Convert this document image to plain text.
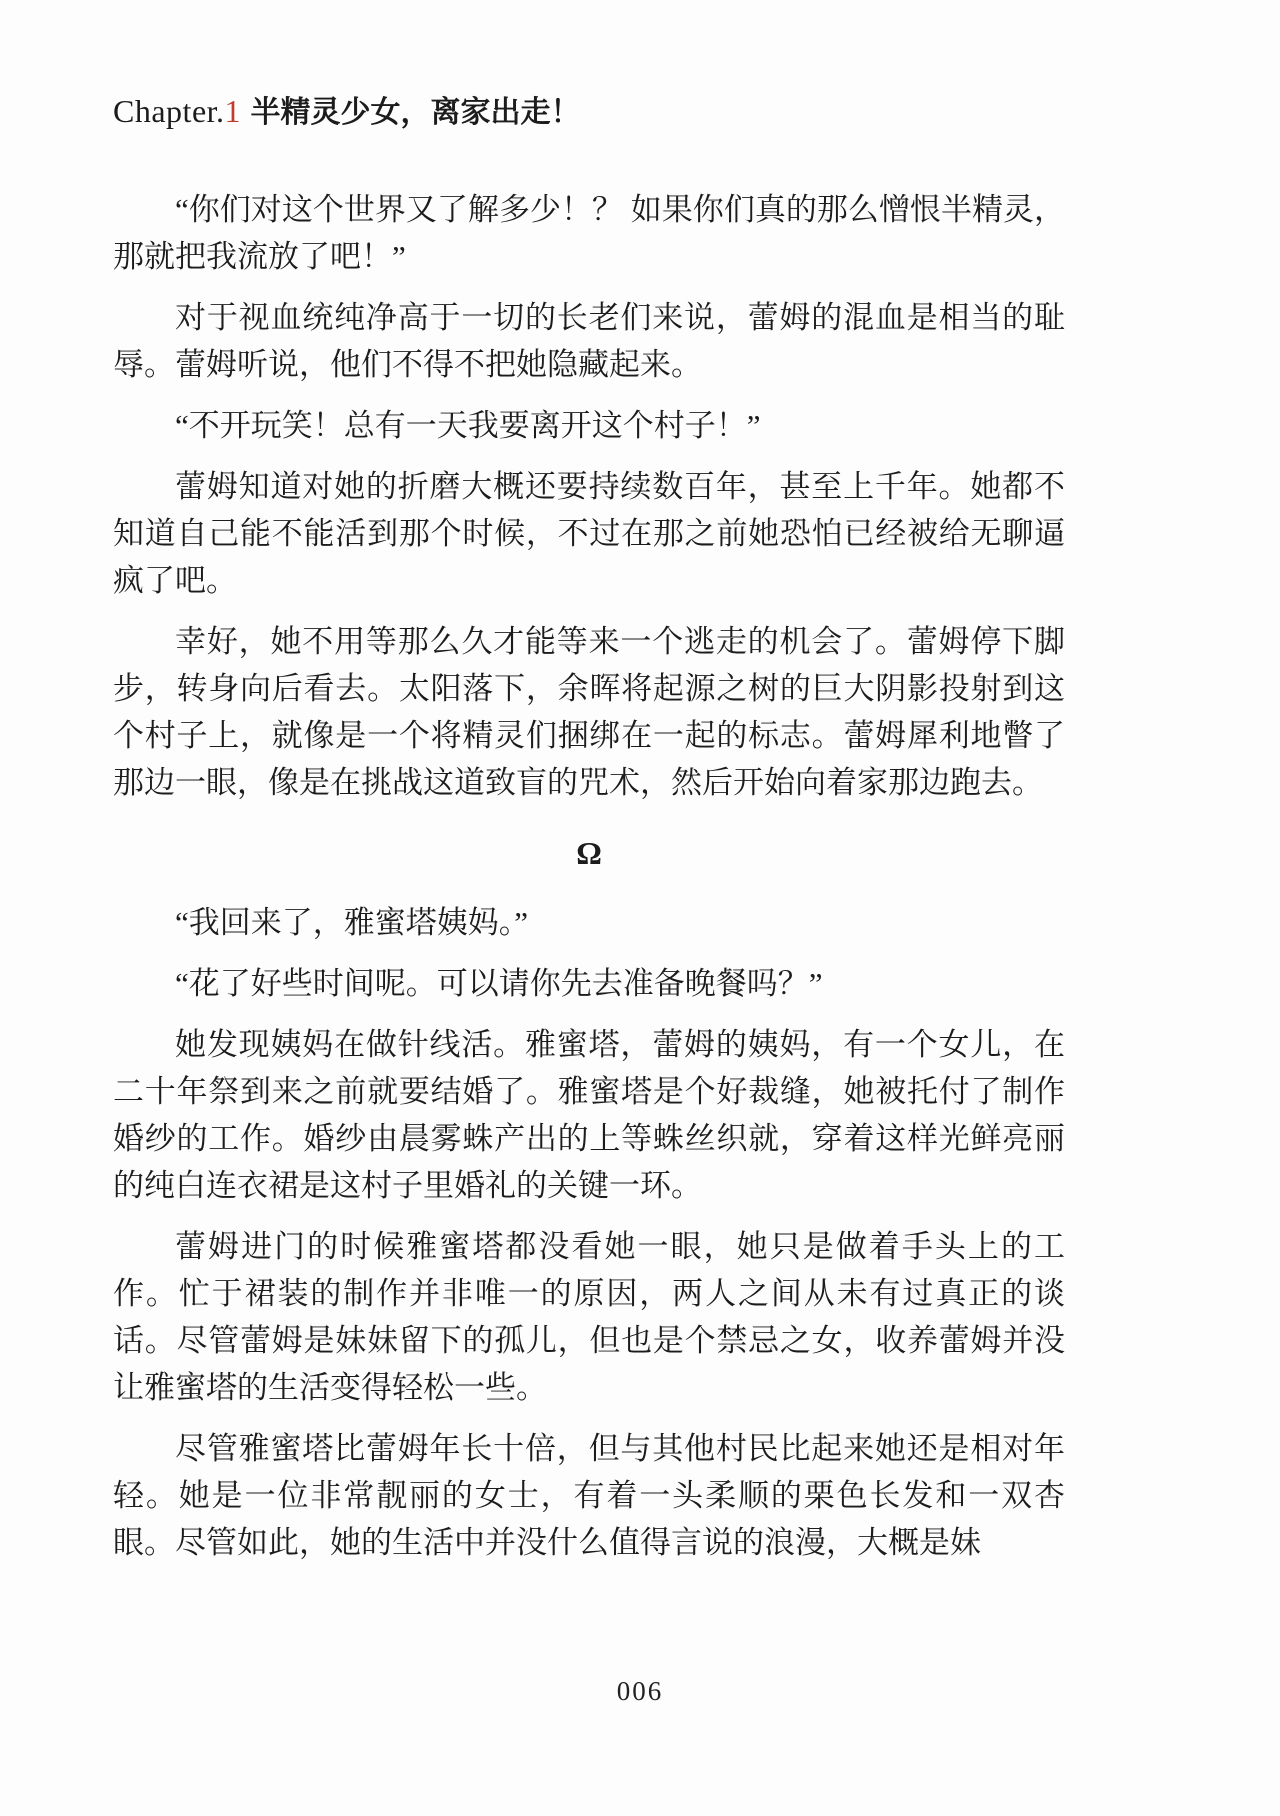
Chapter.1 半精灵少女，离家出走！

“你们对这个世界又了解多少！？ 如果你们真的那么憎恨半精灵，那就把我流放了吧！”

对于视血统纯净高于一切的长老们来说，蕾姆的混血是相当的耻辱。蕾姆听说，他们不得不把她隐藏起来。

“不开玩笑！总有一天我要离开这个村子！”

蕾姆知道对她的折磨大概还要持续数百年，甚至上千年。她都不知道自己能不能活到那个时候，不过在那之前她恐怕已经被给无聊逼疯了吧。

幸好，她不用等那么久才能等来一个逃走的机会了。蕾姆停下脚步，转身向后看去。太阳落下，余晖将起源之树的巨大阴影投射到这个村子上，就像是一个将精灵们捆绑在一起的标志。蕾姆犀利地瞥了那边一眼，像是在挑战这道致盲的咒术，然后开始向着家那边跑去。

Ω

“我回来了，雅蜜塔姨妈。”

“花了好些时间呢。可以请你先去准备晚餐吗？”

她发现姨妈在做针线活。雅蜜塔，蕾姆的姨妈，有一个女儿，在二十年祭到来之前就要结婚了。雅蜜塔是个好裁缝，她被托付了制作婚纱的工作。婚纱由晨雾蛛产出的上等蛛丝织就，穿着这样光鲜亮丽的纯白连衣裙是这村子里婚礼的关键一环。

蕾姆进门的时候雅蜜塔都没看她一眼，她只是做着手头上的工作。忙于裙装的制作并非唯一的原因，两人之间从未有过真正的谈话。尽管蕾姆是妹妹留下的孤儿，但也是个禁忌之女，收养蕾姆并没让雅蜜塔的生活变得轻松一些。

尽管雅蜜塔比蕾姆年长十倍，但与其他村民比起来她还是相对年轻。她是一位非常靓丽的女士，有着一头柔顺的栗色长发和一双杏眼。尽管如此，她的生活中并没什么值得言说的浪漫，大概是妹

006
